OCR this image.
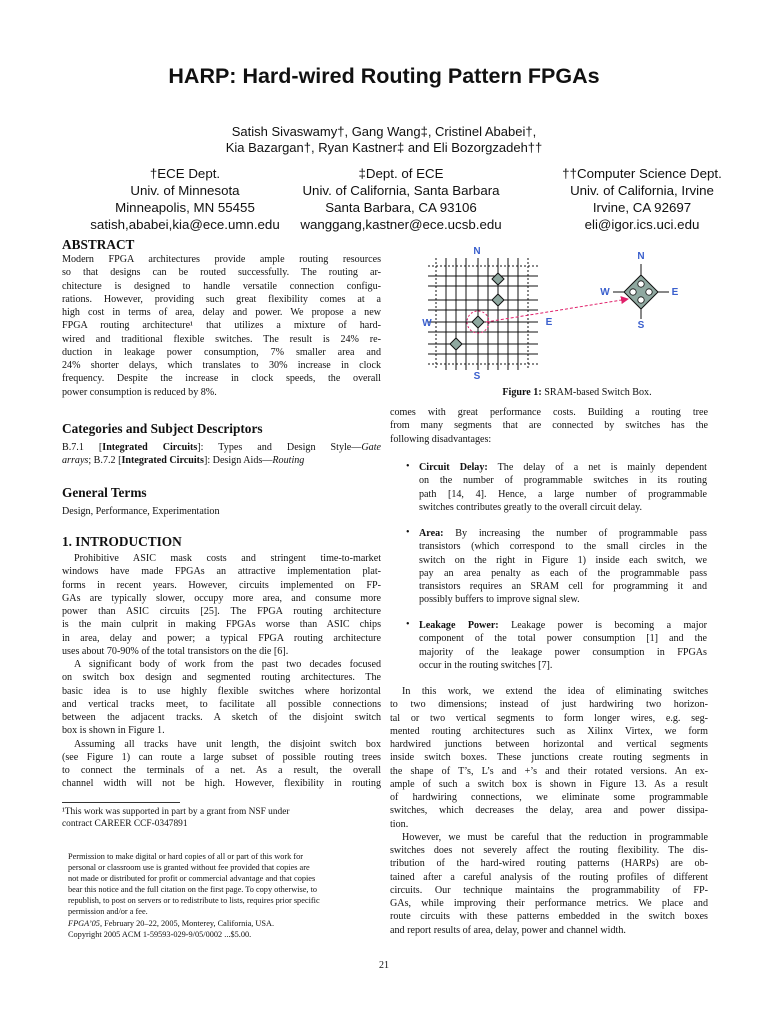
HARP: Hard-wired Routing Pattern FPGAs
Satish Sivaswamy†, Gang Wang‡, Cristinel Ababei†,
Kia Bazargan†, Ryan Kastner‡ and Eli Bozorgzadeh††
†ECE Dept.
Univ. of Minnesota
Minneapolis, MN 55455
satish,ababei,kia@ece.umn.edu
‡Dept. of ECE
Univ. of California, Santa Barbara
Santa Barbara, CA 93106
wanggang,kastner@ece.ucsb.edu
††Computer Science Dept.
Univ. of California, Irvine
Irvine, CA 92697
eli@igor.ics.uci.edu
ABSTRACT
Modern FPGA architectures provide ample routing resources
so that designs can be routed successfully. The routing ar-
chitecture is designed to handle versatile connection configu-
rations. However, providing such great flexibility comes at a
high cost in terms of area, delay and power. We propose a new
FPGA routing architecture¹ that utilizes a mixture of hard-
wired and traditional flexible switches. The result is 24% re-
duction in leakage power consumption, 7% smaller area and
24% shorter delays, which translates to 30% increase in clock
frequency. Despite the increase in clock speeds, the overall
power consumption is reduced by 8%.
Categories and Subject Descriptors
B.7.1 [Integrated Circuits]: Types and Design Style—Gate
arrays; B.7.2 [Integrated Circuits]: Design Aids—Routing
General Terms
Design, Performance, Experimentation
1. INTRODUCTION
Prohibitive ASIC mask costs and stringent time-to-market
windows have made FPGAs an attractive implementation plat-
forms in recent years. However, circuits implemented on FP-
GAs are typically slower, occupy more area, and consume more
power than ASIC circuits [25]. The FPGA routing architecture
is the main culprit in making FPGAs worse than ASIC chips
in area, delay and power; a typical FPGA routing architecture
uses about 70-90% of the total transistors on the die [6].
A significant body of work from the past two decades focused
on switch box design and segmented routing architectures. The
basic idea is to use highly flexible switches where horizontal
and vertical tracks meet, to facilitate all possible connections
between the adjacent tracks. A sketch of the disjoint switch
box is shown in Figure 1.
Assuming all tracks have unit length, the disjoint switch box
(see Figure 1) can route a large subset of possible routing trees
to connect the terminals of a net. As a result, the overall
channel width will not be high. However, flexibility in routing
¹This work was supported in part by a grant from NSF under
contract CAREER CCF-0347891
Permission to make digital or hard copies of all or part of this work for
personal or classroom use is granted without fee provided that copies are
not made or distributed for profit or commercial advantage and that copies
bear this notice and the full citation on the first page. To copy otherwise, to
republish, to post on servers or to redistribute to lists, requires prior specific
permission and/or a fee.
FPGA’05, February 20–22, 2005, Monterey, California, USA.
Copyright 2005 ACM 1-59593-029-9/05/0002 ...$5.00.
N
S
W	E
N
S
W	E
Figure 1: SRAM-based Switch Box.
comes with great performance costs. Building a routing tree
from many segments that are connected by switches has the
following disadvantages:
• Circuit Delay: The delay of a net is mainly dependent
on the number of programmable switches in its routing
path [14, 4]. Hence, a large number of programmable
switches contributes greatly to the overall circuit delay.
• Area: By increasing the number of programmable pass
transistors (which correspond to the small circles in the
switch on the right in Figure 1) inside each switch, we
pay an area penalty as each of the programmable pass
transistors requires an SRAM cell for programming it and
possibly buffers to improve signal slew.
• Leakage Power: Leakage power is becoming a major
component of the total power consumption [1] and the
majority of the leakage power consumption in FPGAs
occur in the routing switches [7].
In this work, we extend the idea of eliminating switches
to two dimensions; instead of just hardwiring two horizon-
tal or two vertical segments to form longer wires, e.g. seg-
mented routing architectures such as Xilinx Virtex, we form
hardwired junctions between horizontal and vertical segments
inside switch boxes. These junctions create routing segments in
the shape of T’s, L’s and +’s and their rotated versions. An ex-
ample of such a switch box is shown in Figure 13. As a result
of hardwiring connections, we eliminate some programmable
switches, which decreases the delay, area and power dissipa-
tion.
However, we must be careful that the reduction in programmable
switches does not severely affect the routing flexibility. The dis-
tribution of the hard-wired routing patterns (HARPs) are ob-
tained after a careful analysis of the routing profiles of different
circuits. Our technique maintains the programmability of FP-
GAs, while improving their performance metrics. We place and
route circuits with these patterns embedded in the switch boxes
and report results of area, delay, power and channel width.
21
